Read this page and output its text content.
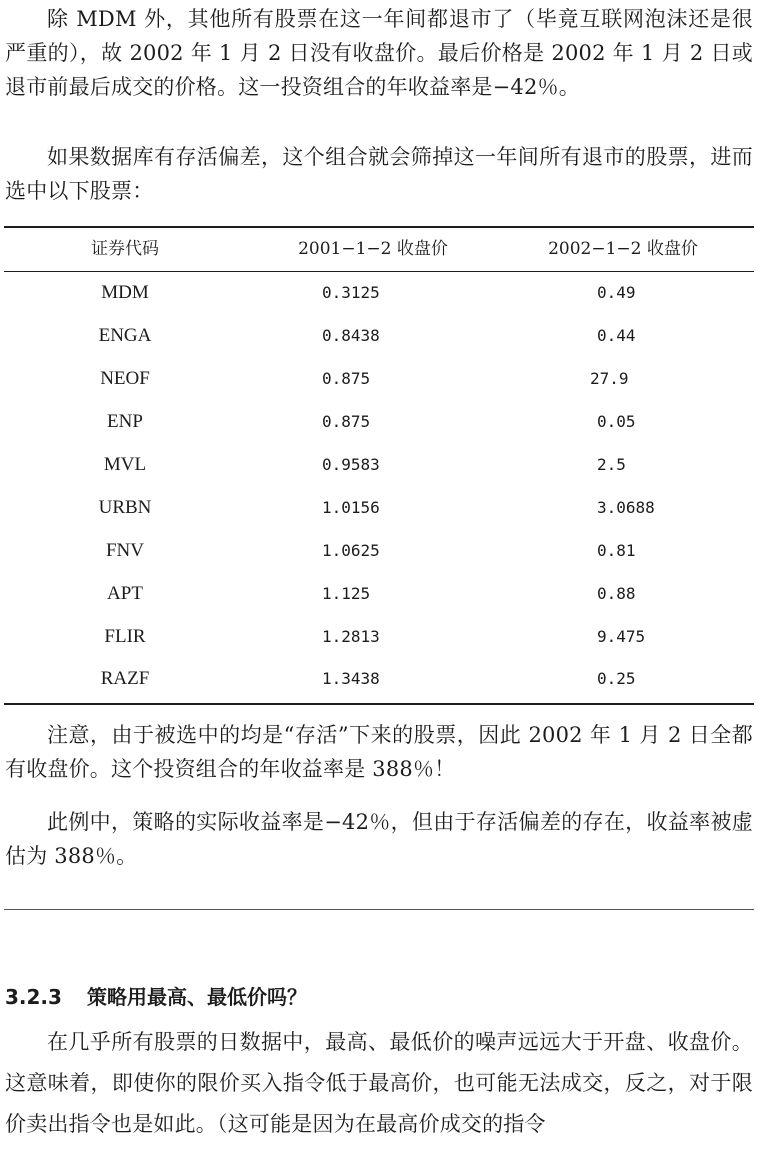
除 MDM 外，其他所有股票在这一年间都退市了（毕竟互联网泡沫还是很严重的），故 2002 年 1 月 2 日没有收盘价。最后价格是 2002 年 1 月 2 日或退市前最后成交的价格。这一投资组合的年收益率是−42％。

如果数据库有存活偏差，这个组合就会筛掉这一年间所有退市的股票，进而选中以下股票：

证券代码	2001−1−2 收盘价	2002−1−2 收盘价
MDM	0.3125	0.49
ENGA	0.8438	0.44
NEOF	0.875	27.9
ENP	0.875	0.05
MVL	0.9583	2.5
URBN	1.0156	3.0688
FNV	1.0625	0.81
APT	1.125	0.88
FLIR	1.2813	9.475
RAZF	1.3438	0.25

注意，由于被选中的均是“存活”下来的股票，因此 2002 年 1 月 2 日全都有收盘价。这个投资组合的年收益率是 388％！

此例中，策略的实际收益率是−42％，但由于存活偏差的存在，收益率被虚估为 388％。

3.2.3 策略用最高、最低价吗？

在几乎所有股票的日数据中，最高、最低价的噪声远远大于开盘、收盘价。这意味着，即使你的限价买入指令低于最高价，也可能无法成交，反之，对于限价卖出指令也是如此。（这可能是因为在最高价成交的指令
